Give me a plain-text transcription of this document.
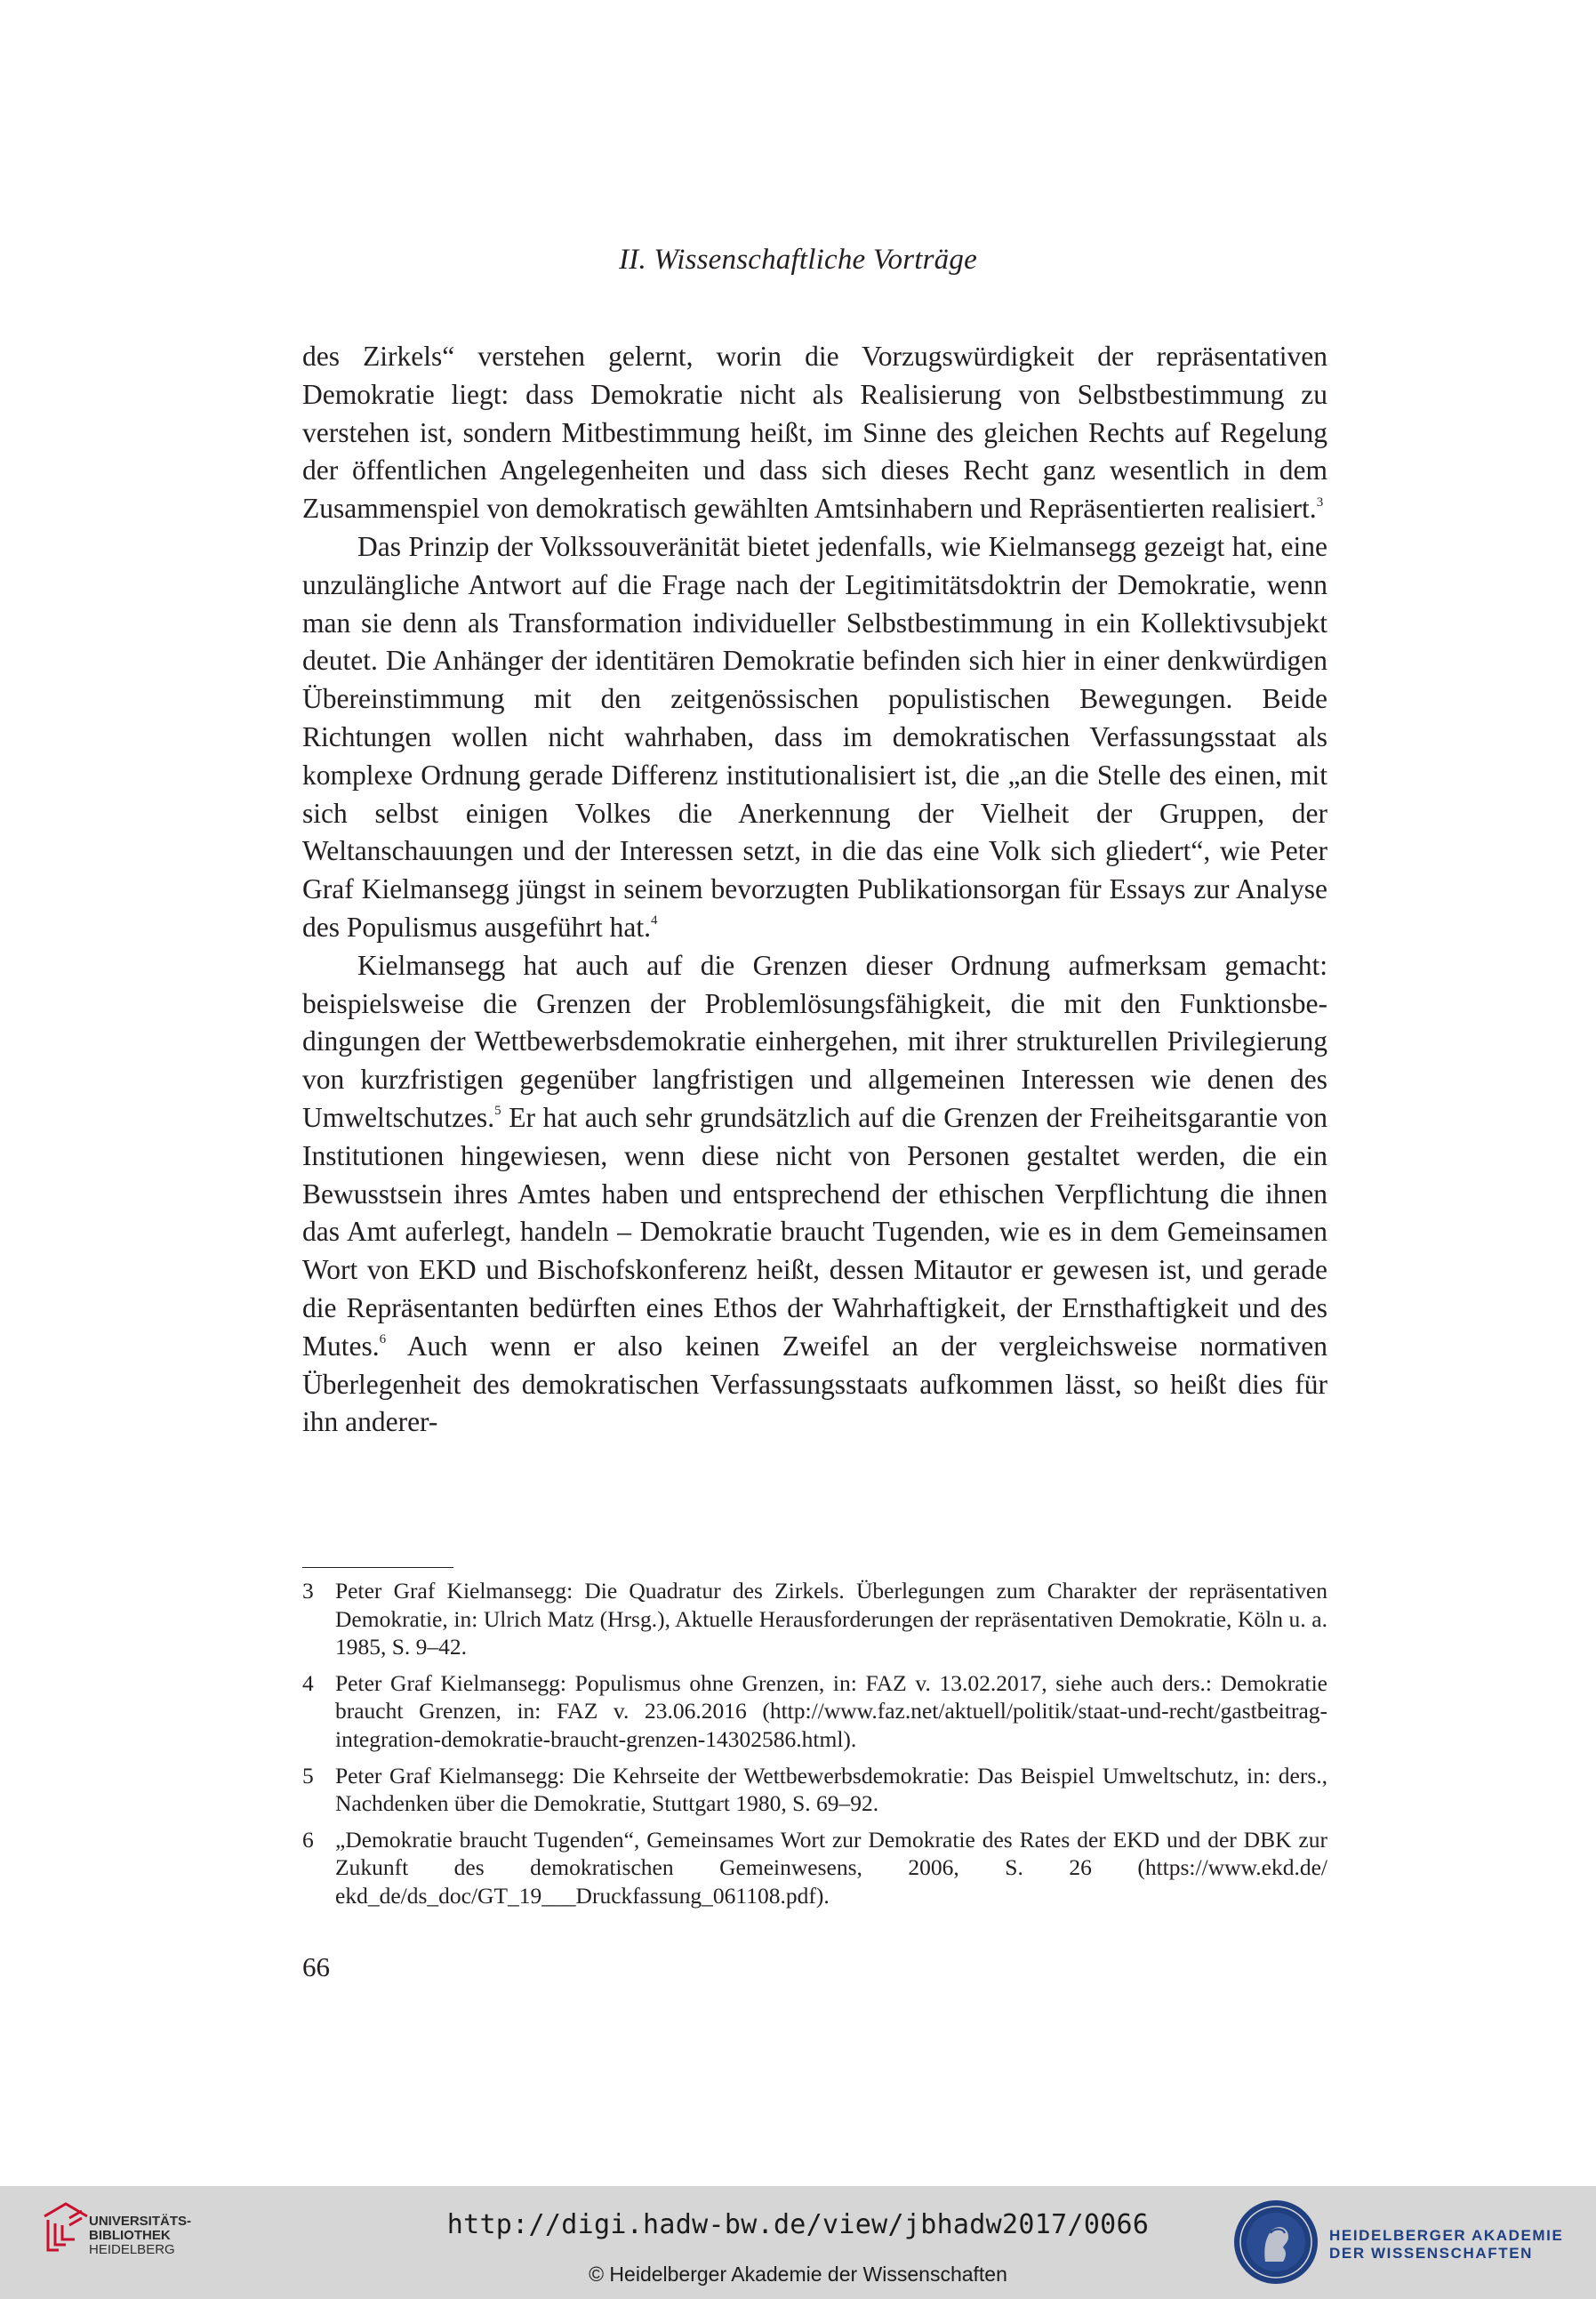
II. Wissenschaftliche Vorträge

des Zirkels“ verstehen gelernt, worin die Vorzugswürdigkeit der repräsentativen Demokratie liegt: dass Demokratie nicht als Realisierung von Selbstbestimmung zu verstehen ist, sondern Mitbestimmung heißt, im Sinne des gleichen Rechts auf Regelung der öffentlichen Angelegenheiten und dass sich dieses Recht ganz wesentlich in dem Zusammenspiel von demokratisch gewählten Amtsinhabern und Repräsentierten realisiert.$^3$

Das Prinzip der Volkssouveränität bietet jedenfalls, wie Kielmansegg gezeigt hat, eine unzulängliche Antwort auf die Frage nach der Legitimitätsdoktrin der Demokratie, wenn man sie denn als Transformation individueller Selbstbestimmung in ein Kollektivsubjekt deutet. Die Anhänger der identitären Demokratie befinden sich hier in einer denkwürdigen Übereinstimmung mit den zeitgenössischen populistischen Bewegungen. Beide Richtungen wollen nicht wahrhaben, dass im demokratischen Verfassungsstaat als komplexe Ordnung gerade Differenz institutionalisiert ist, die „an die Stelle des einen, mit sich selbst einigen Volkes die Anerkennung der Vielheit der Gruppen, der Weltanschauungen und der Interessen setzt, in die das eine Volk sich gliedert“, wie Peter Graf Kielmansegg jüngst in seinem bevorzugten Publikationsorgan für Essays zur Analyse des Populismus ausgeführt hat.$^4$

Kielmansegg hat auch auf die Grenzen dieser Ordnung aufmerksam gemacht: beispielsweise die Grenzen der Problemlösungsfähigkeit, die mit den Funktionsbedingungen der Wettbewerbsdemokratie einhergehen, mit ihrer strukturellen Privilegierung von kurzfristigen gegenüber langfristigen und allgemeinen Interessen wie denen des Umweltschutzes.$^5$ Er hat auch sehr grundsätzlich auf die Grenzen der Freiheitsgarantie von Institutionen hingewiesen, wenn diese nicht von Personen gestaltet werden, die ein Bewusstsein ihres Amtes haben und entsprechend der ethischen Verpflichtung die ihnen das Amt auferlegt, handeln – Demokratie braucht Tugenden, wie es in dem Gemeinsamen Wort von EKD und Bischofskonferenz heißt, dessen Mitautor er gewesen ist, und gerade die Repräsentanten bedürften eines Ethos der Wahrhaftigkeit, der Ernsthaftigkeit und des Mutes.$^6$ Auch wenn er also keinen Zweifel an der vergleichsweise normativen Überlegenheit des demokratischen Verfassungsstaats aufkommen lässt, so heißt dies für ihn anderer-

3 Peter Graf Kielmansegg: Die Quadratur des Zirkels. Überlegungen zum Charakter der repräsentativen Demokratie, in: Ulrich Matz (Hrsg.), Aktuelle Herausforderungen der repräsentativen Demokratie, Köln u. a. 1985, S. 9–42.
4 Peter Graf Kielmansegg: Populismus ohne Grenzen, in: FAZ v. 13.02.2017, siehe auch ders.: Demokratie braucht Grenzen, in: FAZ v. 23.06.2016 (http://www.faz.net/aktuell/politik/staat-​und-recht/gastbeitrag-integration-demokratie-braucht-grenzen-14302586.html).
5 Peter Graf Kielmansegg: Die Kehrseite der Wettbewerbsdemokratie: Das Beispiel Umweltschutz, in: ders., Nachdenken über die Demokratie, Stuttgart 1980, S. 69–92.
6 „Demokratie braucht Tugenden“, Gemeinsames Wort zur Demokratie des Rates der EKD und der DBK zur Zukunft des demokratischen Gemeinwesens, 2006, S. 26 (https://www.ekd.de/​ekd_de/ds_doc/GT_19___Druckfassung_061108.pdf).
66
UNIVERSITÄTS-
BIBLIOTHEK
HEIDELBERG
http://digi.hadw-bw.de/view/jbhadw2017/0066
© Heidelberger Akademie der Wissenschaften
HEIDELBERGER AKADEMIE
DER WISSENSCHAFTEN
